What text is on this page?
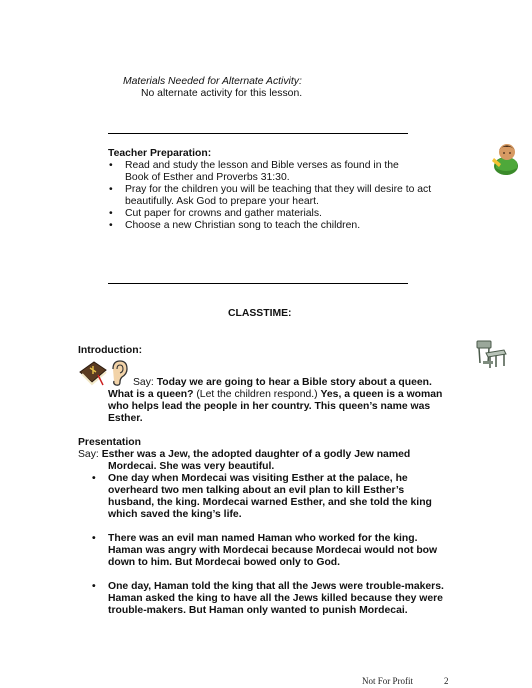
Materials Needed for Alternate Activity:
No alternate activity for this lesson.
Teacher Preparation:
• Read and study the lesson and Bible verses as found in the
Book of Esther and Proverbs 31:30.
• Pray for the children you will be teaching that they will desire to act
beautifully. Ask God to prepare your heart.
• Cut paper for crowns and gather materials.
• Choose a new Christian song to teach the children.
CLASSTIME:
Introduction:
Say: Today we are going to hear a Bible story about a queen.
What is a queen? (Let the children respond.) Yes, a queen is a woman
who helps lead the people in her country. This queen’s name was
Esther.
Presentation
Say: Esther was a Jew, the adopted daughter of a godly Jew named
Mordecai. She was very beautiful.
• One day when Mordecai was visiting Esther at the palace, he
overheard two men talking about an evil plan to kill Esther’s
husband, the king. Mordecai warned Esther, and she told the king
which saved the king’s life.
• There was an evil man named Haman who worked for the king.
Haman was angry with Mordecai because Mordecai would not bow
down to him. But Mordecai bowed only to God.
• One day, Haman told the king that all the Jews were trouble-makers.
Haman asked the king to have all the Jews killed because they were
trouble-makers. But Haman only wanted to punish Mordecai.
Not For Profit	2
